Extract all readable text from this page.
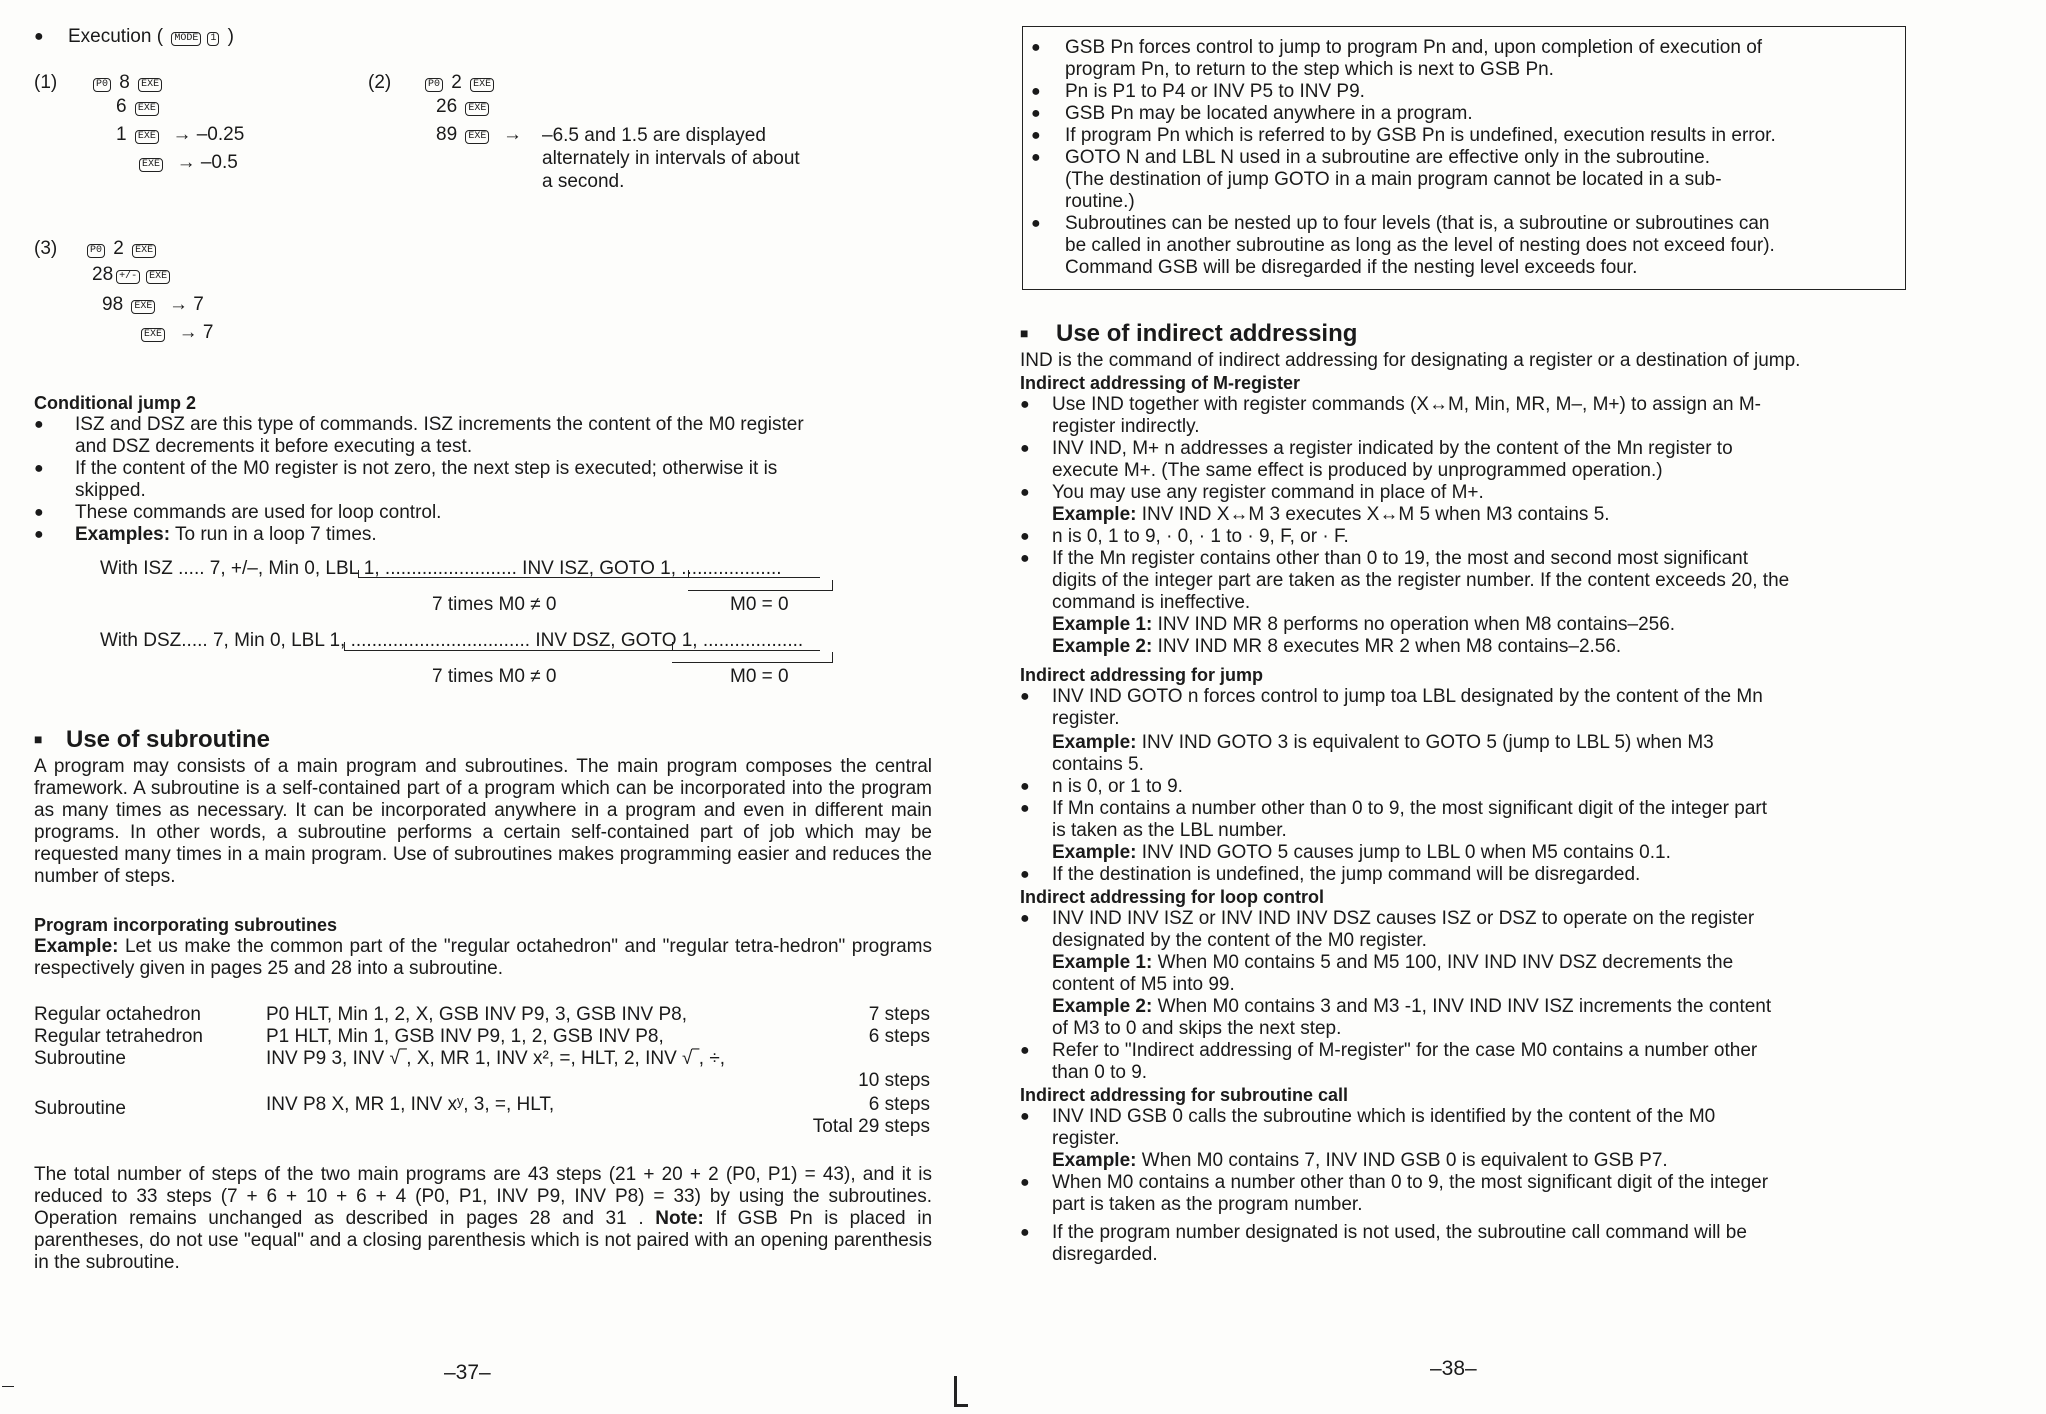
● Execution ( MODE 1 )
(1)	P0 8 EXE
6 EXE
1 EXE → –0.25
EXE → –0.5
(2)	P0 2 EXE
26 EXE
89 EXE → –6.5 and 1.5 are displayed
alternately in intervals of about
a second.
(3)	P0 2 EXE
28 +/- EXE
98 EXE → 7
EXE → 7
Conditional jump 2
● ISZ and DSZ are this type of commands. ISZ increments the content of the M0 register
and DSZ decrements it before executing a test.
● If the content of the M0 register is not zero, the next step is executed; otherwise it is
skipped.
●	These commands are used for loop control.
●	Examples: To run in a loop 7 times.
With ISZ ..... 7, +/–, Min 0, LBL 1, ......................... INV ISZ, GOTO 1, ...................
7 times M0 ≠ 0	M0 = 0
With DSZ..... 7, Min 0, LBL 1, .................................. INV DSZ, GOTO 1, ...................
7 times M0 ≠ 0	M0 = 0
■ Use of subroutine
A program may consists of a main program and subroutines. The main program composes the central framework. A subroutine is a self-contained part of a program which can be incorporated into the program as many times as necessary. It can be incorporated anywhere in a program and even in different main programs. In other words, a subroutine performs a certain self-contained part of job which may be requested many times in a main program. Use of subroutines makes programming easier and reduces the number of steps.
Program incorporating subroutines
Example: Let us make the common part of the "regular octahedron" and "regular tetra-hedron" programs respectively given in pages 25 and 28 into a subroutine.
Regular octahedron	P0 HLT, Min 1, 2, X, GSB INV P9, 3, GSB INV P8,	7 steps
Regular tetrahedron	P1 HLT, Min 1, GSB INV P9, 1, 2, GSB INV P8,	6 steps
Subroutine	INV P9 3, INV √‾, X, MR 1, INV x², =, HLT, 2, INV √‾, ÷,
10 steps
Subroutine	INV P8 X, MR 1, INV xʸ, 3, =, HLT,	6 steps
Total 29 steps
The total number of steps of the two main programs are 43 steps (21 + 20 + 2 (P0, P1) = 43), and it is reduced to 33 steps (7 + 6 + 10 + 6 + 4 (P0, P1, INV P9, INV P8) = 33) by using the subroutines. Operation remains unchanged as described in pages 28 and 31 . Note: If GSB Pn is placed in parentheses, do not use "equal" and a closing parenthesis which is not paired with an opening parenthesis in the subroutine.
–37–
● GSB Pn forces control to jump to program Pn and, upon completion of execution of
program Pn, to return to the step which is next to GSB Pn.
●	Pn is P1 to P4 or INV P5 to INV P9.
●	GSB Pn may be located anywhere in a program.
●	If program Pn which is referred to by GSB Pn is undefined, execution results in error.
● GOTO N and LBL N used in a subroutine are effective only in the subroutine.
(The destination of jump GOTO in a main program cannot be located in a sub-
routine.)
● Subroutines can be nested up to four levels (that is, a subroutine or subroutines can
be called in another subroutine as long as the level of nesting does not exceed four).
Command GSB will be disregarded if the nesting level exceeds four.
■ Use of indirect addressing
IND is the command of indirect addressing for designating a register or a destination of jump.
Indirect addressing of M-register
● Use IND together with register commands (X↔M, Min, MR, M–, M+) to assign an M-
register indirectly.
● INV IND, M+ n addresses a register indicated by the content of the Mn register to
execute M+. (The same effect is produced by unprogrammed operation.)
● You may use any register command in place of M+.
Example: INV IND X↔M 3 executes X↔M 5 when M3 contains 5.
●	n is 0, 1 to 9, · 0, · 1 to · 9, F, or · F.
● If the Mn register contains other than 0 to 19, the most and second most significant
digits of the integer part are taken as the register number. If the content exceeds 20, the
command is ineffective.
Example 1: INV IND MR 8 performs no operation when M8 contains–256.
Example 2: INV IND MR 8 executes MR 2 when M8 contains–2.56.
Indirect addressing for jump
● INV IND GOTO n forces control to jump toa LBL designated by the content of the Mn
register.
Example: INV IND GOTO 3 is equivalent to GOTO 5 (jump to LBL 5) when M3
contains 5.
●	n is 0, or 1 to 9.
● If Mn contains a number other than 0 to 9, the most significant digit of the integer part
is taken as the LBL number.
Example: INV IND GOTO 5 causes jump to LBL 0 when M5 contains 0.1.
●	If the destination is undefined, the jump command will be disregarded.
Indirect addressing for loop control
● INV IND INV ISZ or INV IND INV DSZ causes ISZ or DSZ to operate on the register
designated by the content of the M0 register.
Example 1: When M0 contains 5 and M5 100, INV IND INV DSZ decrements the
content of M5 into 99.
Example 2: When M0 contains 3 and M3 -1, INV IND INV ISZ increments the content
of M3 to 0 and skips the next step.
● Refer to "Indirect addressing of M-register" for the case M0 contains a number other
than 0 to 9.
Indirect addressing for subroutine call
● INV IND GSB 0 calls the subroutine which is identified by the content of the M0
register.
Example: When M0 contains 7, INV IND GSB 0 is equivalent to GSB P7.
● When M0 contains a number other than 0 to 9, the most significant digit of the integer
part is taken as the program number.
● If the program number designated is not used, the subroutine call command will be
disregarded.
–38–
